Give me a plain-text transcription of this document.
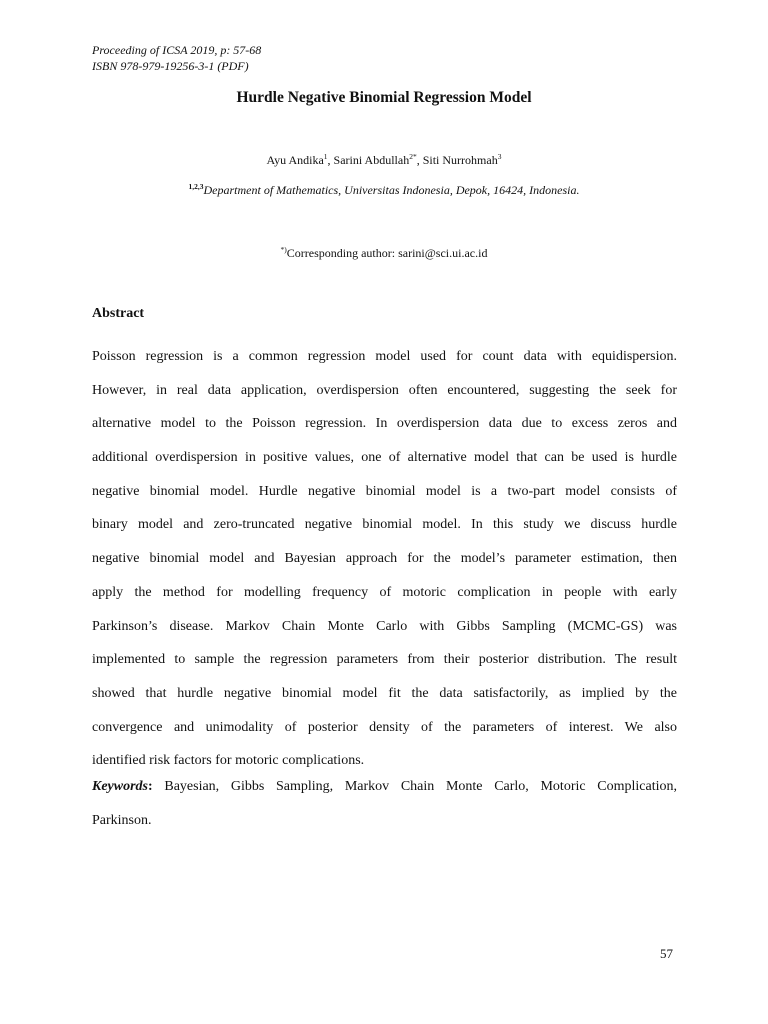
Proceeding of ICSA 2019, p: 57-68
ISBN 978-979-19256-3-1 (PDF)
Hurdle Negative Binomial Regression Model
Ayu Andika$^1$, Sarini Abdullah$^{2*}$, Siti Nurrohmah$^3$
$^{1,2,3}$Department of Mathematics, Universitas Indonesia, Depok, 16424, Indonesia.
*)Corresponding author: sarini@sci.ui.ac.id
Abstract
Poisson regression is a common regression model used for count data with equidispersion.
However, in real data application, overdispersion often encountered, suggesting the seek for
alternative model to the Poisson regression. In overdispersion data due to excess zeros and
additional overdispersion in positive values, one of alternative model that can be used is hurdle
negative binomial model. Hurdle negative binomial model is a two-part model consists of
binary model and zero-truncated negative binomial model. In this study we discuss hurdle
negative binomial model and Bayesian approach for the model’s parameter estimation, then
apply the method for modelling frequency of motoric complication in people with early
Parkinson’s disease. Markov Chain Monte Carlo with Gibbs Sampling (MCMC-GS) was
implemented to sample the regression parameters from their posterior distribution. The result
showed that hurdle negative binomial model fit the data satisfactorily, as implied by the
convergence and unimodality of posterior density of the parameters of interest. We also
identified risk factors for motoric complications.
Keywords: Bayesian, Gibbs Sampling, Markov Chain Monte Carlo, Motoric Complication,
Parkinson.
57
